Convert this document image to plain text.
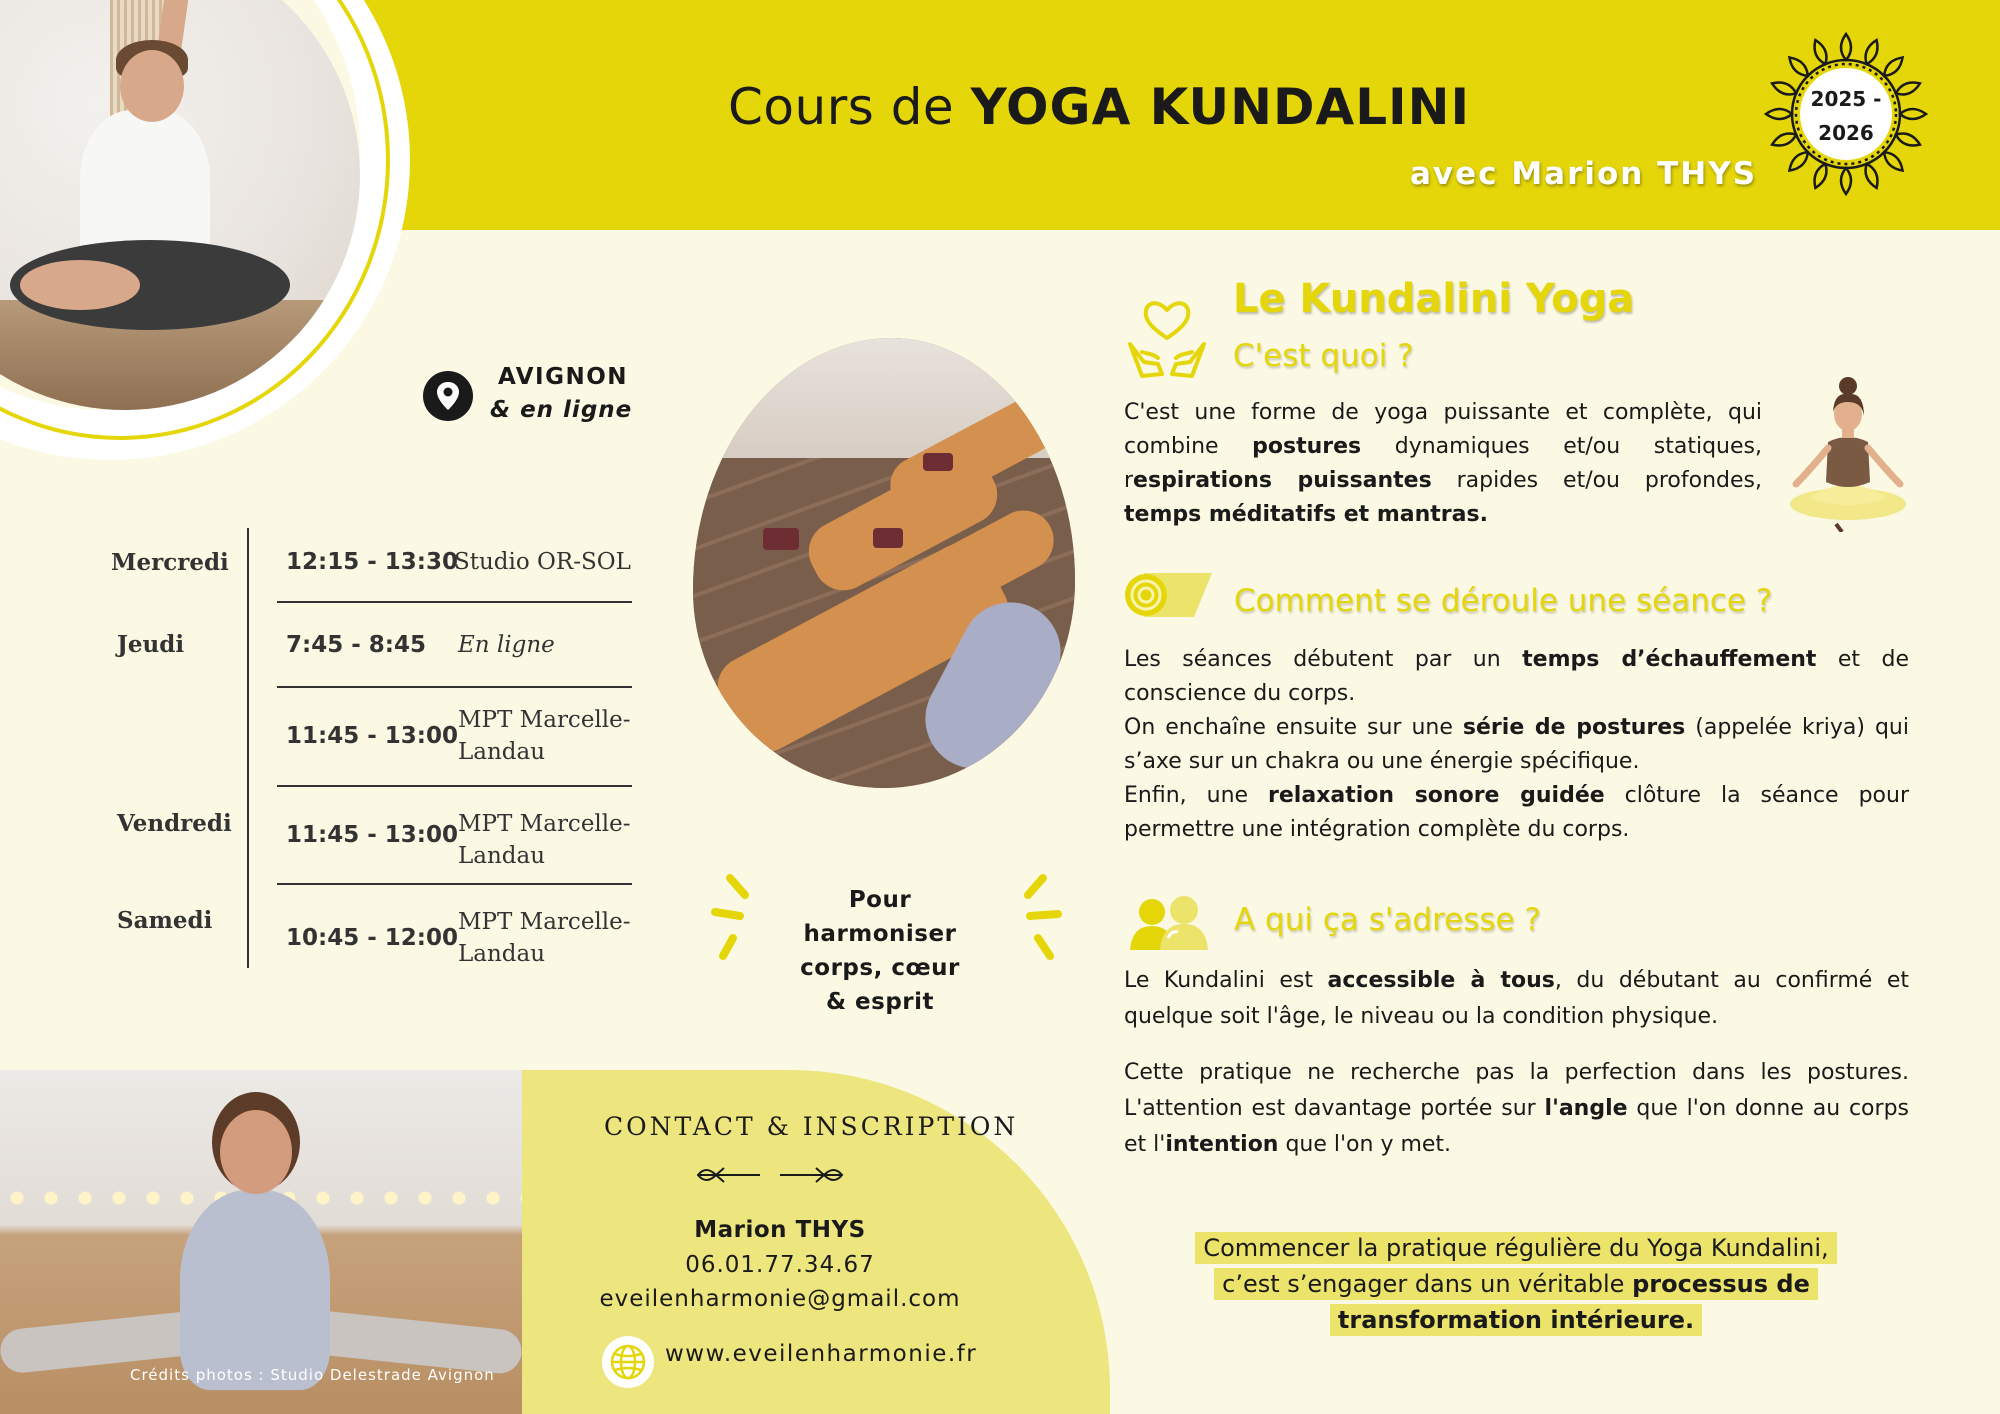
Cours de YOGA KUNDALINI
avec Marion THYS
2025 -
2026
AVIGNON
& en ligne
Mercredi 12:15 - 13:30
Studio OR-SOL
Jeudi	7:45 - 8:45 En ligne
11:45 - 13:00
MPT Marcelle-Landau
Vendredi 11:45 - 13:00 MPT Marcelle-Landau
Samedi
10:45 - 12:00
MPT Marcelle-Landau
Pour harmoniser
corps, cœur
& esprit
Le Kundalini Yoga
C'est quoi ?
C'est une forme de yoga puissante et complète, qui combine postures dynamiques et/ou statiques, respirations puissantes rapides et/ou profondes, temps méditatifs et mantras.
Comment se déroule une séance ?
Les séances débutent par un temps d’échauffement et de conscience du corps.
On enchaîne ensuite sur une série de postures (appelée kriya) qui s’axe sur un chakra ou une énergie spécifique.
Enfin, une relaxation sonore guidée clôture la séance pour permettre une intégration complète du corps.
A qui ça s'adresse ?
Le Kundalini est accessible à tous, du débutant au confirmé et quelque soit l'âge, le niveau ou la condition physique.
Cette pratique ne recherche pas la perfection dans les postures. L'attention est davantage portée sur l'angle que l'on donne au corps et l'intention que l'on y met.
Commencer la pratique régulière du Yoga Kundalini, c’est s’engager dans un véritable processus de transformation intérieure.
Crédits photos : Studio Delestrade Avignon
CONTACT & INSCRIPTION
Marion THYS
06.01.77.34.67
eveilenharmonie@gmail.com
www.eveilenharmonie.fr
